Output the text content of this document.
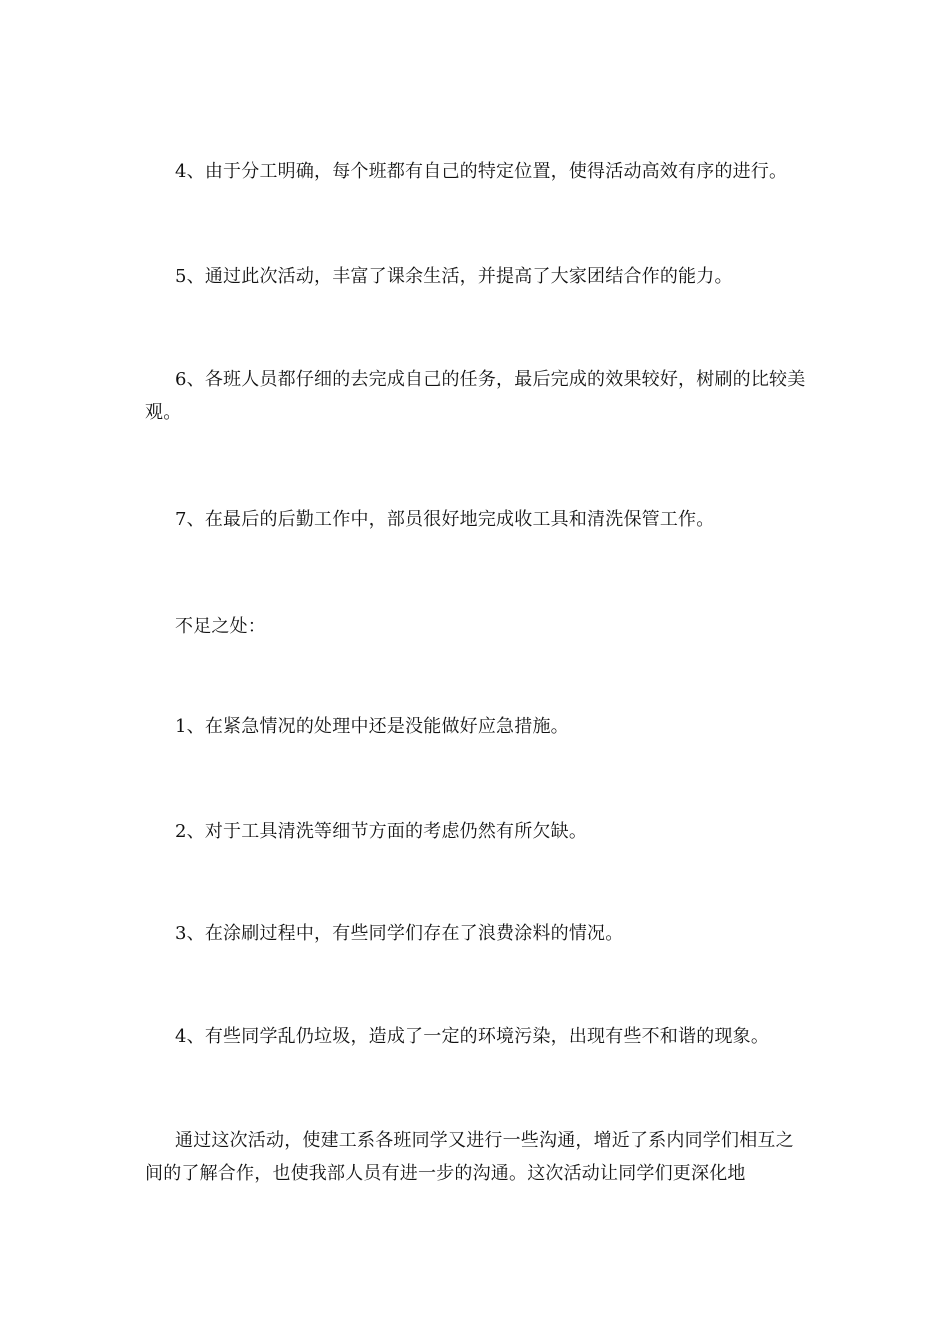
4、由于分工明确，每个班都有自己的特定位置，使得活动高效有序的进行。

5、通过此次活动，丰富了课余生活，并提高了大家团结合作的能力。

6、各班人员都仔细的去完成自己的任务，最后完成的效果较好，树刷的比较美观。

7、在最后的后勤工作中，部员很好地完成收工具和清洗保管工作。

不足之处：

1、在紧急情况的处理中还是没能做好应急措施。

2、对于工具清洗等细节方面的考虑仍然有所欠缺。

3、在涂刷过程中，有些同学们存在了浪费涂料的情况。

4、有些同学乱仍垃圾，造成了一定的环境污染，出现有些不和谐的现象。

通过这次活动，使建工系各班同学又进行一些沟通，增近了系内同学们相互之间的了解合作，也使我部人员有进一步的沟通。这次活动让同学们更深化地
